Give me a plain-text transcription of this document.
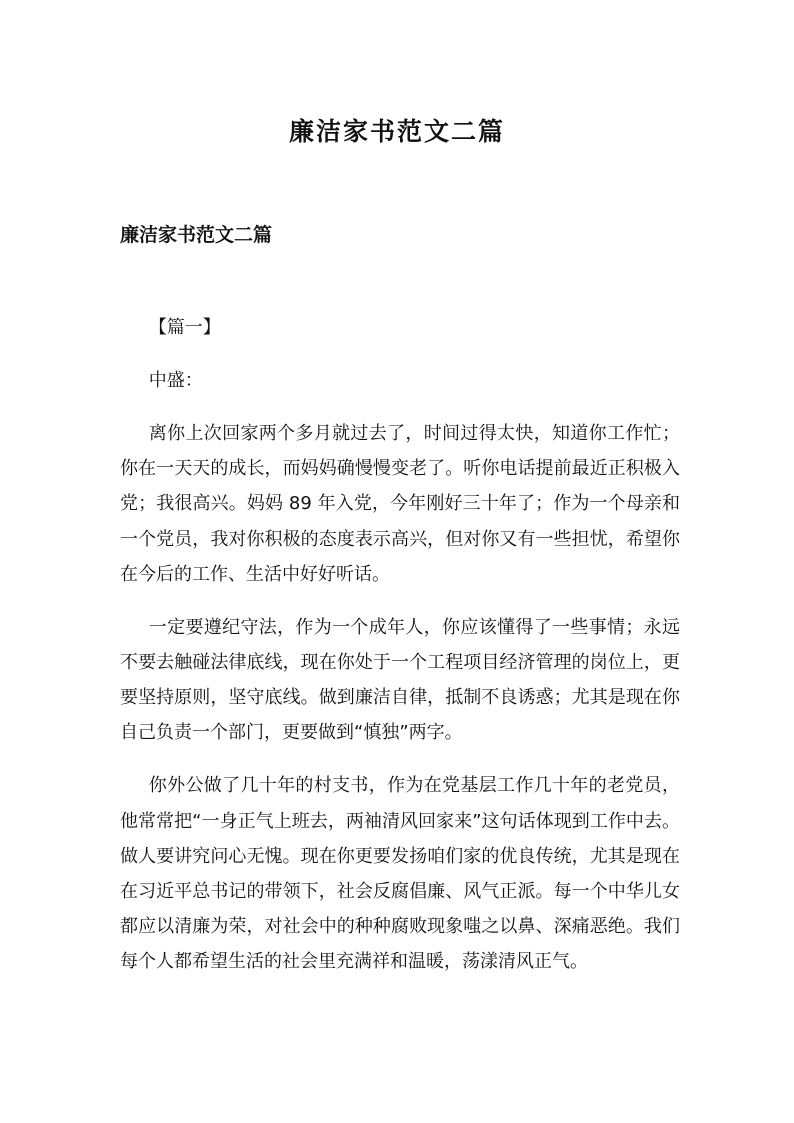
廉洁家书范文二篇
廉洁家书范文二篇

【篇一】

中盛：

离你上次回家两个多月就过去了，时间过得太快，知道你工作忙；你在一天天的成长，而妈妈确慢慢变老了。听你电话提前最近正积极入党；我很高兴。妈妈 89 年入党，今年刚好三十年了；作为一个母亲和一个党员，我对你积极的态度表示高兴，但对你又有一些担忧，希望你在今后的工作、生活中好好听话。

一定要遵纪守法，作为一个成年人，你应该懂得了一些事情；永远不要去触碰法律底线，现在你处于一个工程项目经济管理的岗位上，更要坚持原则，坚守底线。做到廉洁自律，抵制不良诱惑；尤其是现在你自己负责一个部门，更要做到“慎独”两字。

你外公做了几十年的村支书，作为在党基层工作几十年的老党员，他常常把“一身正气上班去，两袖清风回家来”这句话体现到工作中去。做人要讲究问心无愧。现在你更要发扬咱们家的优良传统，尤其是现在在习近平总书记的带领下，社会反腐倡廉、风气正派。每一个中华儿女都应以清廉为荣，对社会中的种种腐败现象嗤之以鼻、深痛恶绝。我们每个人都希望生活的社会里充满祥和温暖，荡漾清风正气。
